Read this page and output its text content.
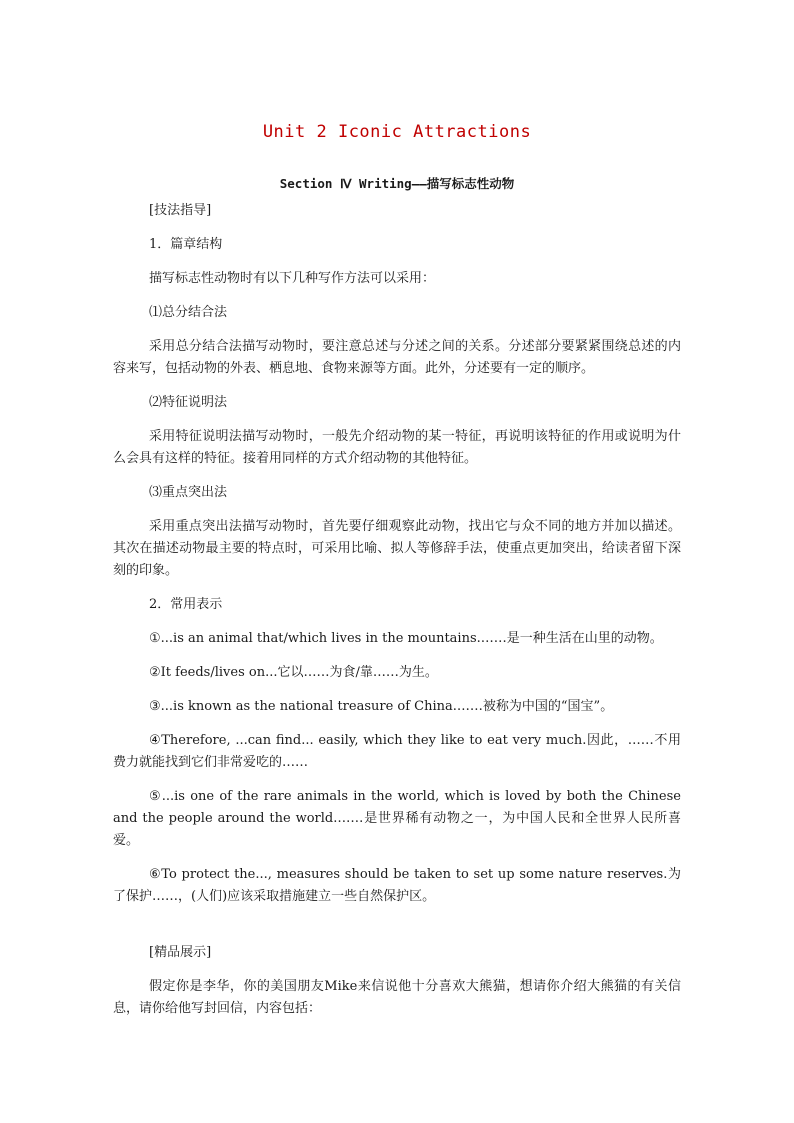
Unit 2 Iconic Attractions
Section Ⅳ Writing——描写标志性动物

[技法指导]

1．篇章结构

描写标志性动物时有以下几种写作方法可以采用：

⑴总分结合法

采用总分结合法描写动物时，要注意总述与分述之间的关系。分述部分要紧紧围绕总述的内容来写，包括动物的外表、栖息地、食物来源等方面。此外，分述要有一定的顺序。

⑵特征说明法

采用特征说明法描写动物时，一般先介绍动物的某一特征，再说明该特征的作用或说明为什么会具有这样的特征。接着用同样的方式介绍动物的其他特征。

⑶重点突出法

采用重点突出法描写动物时，首先要仔细观察此动物，找出它与众不同的地方并加以描述。其次在描述动物最主要的特点时，可采用比喻、拟人等修辞手法，使重点更加突出，给读者留下深刻的印象。

2．常用表示

①...is an animal that/which lives in the mountains.……是一种生活在山里的动物。

②It feeds/lives on...它以……为食/靠……为生。

③...is known as the national treasure of China.……被称为中国的“国宝”。

④Therefore, ...can find... easily, which they like to eat very much.因此，……不用费力就能找到它们非常爱吃的……

⑤...is one of the rare animals in the world, which is loved by both the Chinese and the people around the world.……是世界稀有动物之一，为中国人民和全世界人民所喜爱。

⑥To protect the..., measures should be taken to set up some nature reserves.为了保护……，(人们)应该采取措施建立一些自然保护区。

[精品展示]

假定你是李华，你的美国朋友Mike来信说他十分喜欢大熊猫，想请你介绍大熊猫的有关信息，请你给他写封回信，内容包括：
